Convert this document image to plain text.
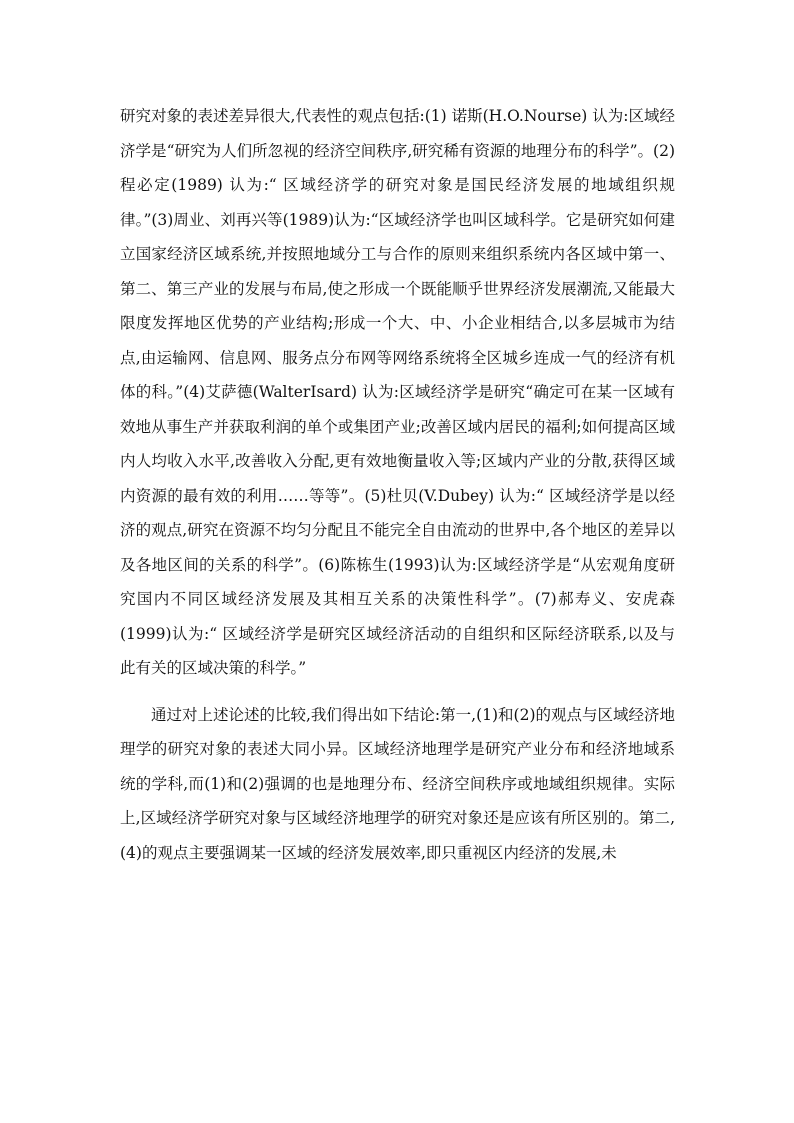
研究对象的表述差异很大,代表性的观点包括:(1) 诺斯(H.O.Nourse) 认为:区域经济学是“研究为人们所忽视的经济空间秩序,研究稀有资源的地理分布的科学”。(2)程必定(1989) 认为:“ 区域经济学的研究对象是国民经济发展的地域组织规律。”(3)周业、刘再兴等(1989)认为:“区域经济学也叫区域科学。它是研究如何建立国家经济区域系统,并按照地域分工与合作的原则来组织系统内各区域中第一、第二、第三产业的发展与布局,使之形成一个既能顺乎世界经济发展潮流,又能最大限度发挥地区优势的产业结构;形成一个大、中、小企业相结合,以多层城市为结点,由运输网、信息网、服务点分布网等网络系统将全区城乡连成一气的经济有机体的科。”(4)艾萨德(WalterIsard) 认为:区域经济学是研究“确定可在某一区域有效地从事生产并获取利润的单个或集团产业;改善区域内居民的福利;如何提高区域内人均收入水平,改善收入分配,更有效地衡量收入等;区域内产业的分散,获得区域内资源的最有效的利用……等等”。(5)杜贝(V.Dubey) 认为:“ 区域经济学是以经济的观点,研究在资源不均匀分配且不能完全自由流动的世界中,各个地区的差异以及各地区间的关系的科学”。(6)陈栋生(1993)认为:区域经济学是“从宏观角度研究国内不同区域经济发展及其相互关系的决策性科学”。(7)郝寿义、安虎森(1999)认为:“ 区域经济学是研究区域经济活动的自组织和区际经济联系,以及与此有关的区域决策的科学。”

通过对上述论述的比较,我们得出如下结论:第一,(1)和(2)的观点与区域经济地理学的研究对象的表述大同小异。区域经济地理学是研究产业分布和经济地域系统的学科,而(1)和(2)强调的也是地理分布、经济空间秩序或地域组织规律。实际上,区域经济学研究对象与区域经济地理学的研究对象还是应该有所区别的。第二,(4)的观点主要强调某一区域的经济发展效率,即只重视区内经济的发展,未
